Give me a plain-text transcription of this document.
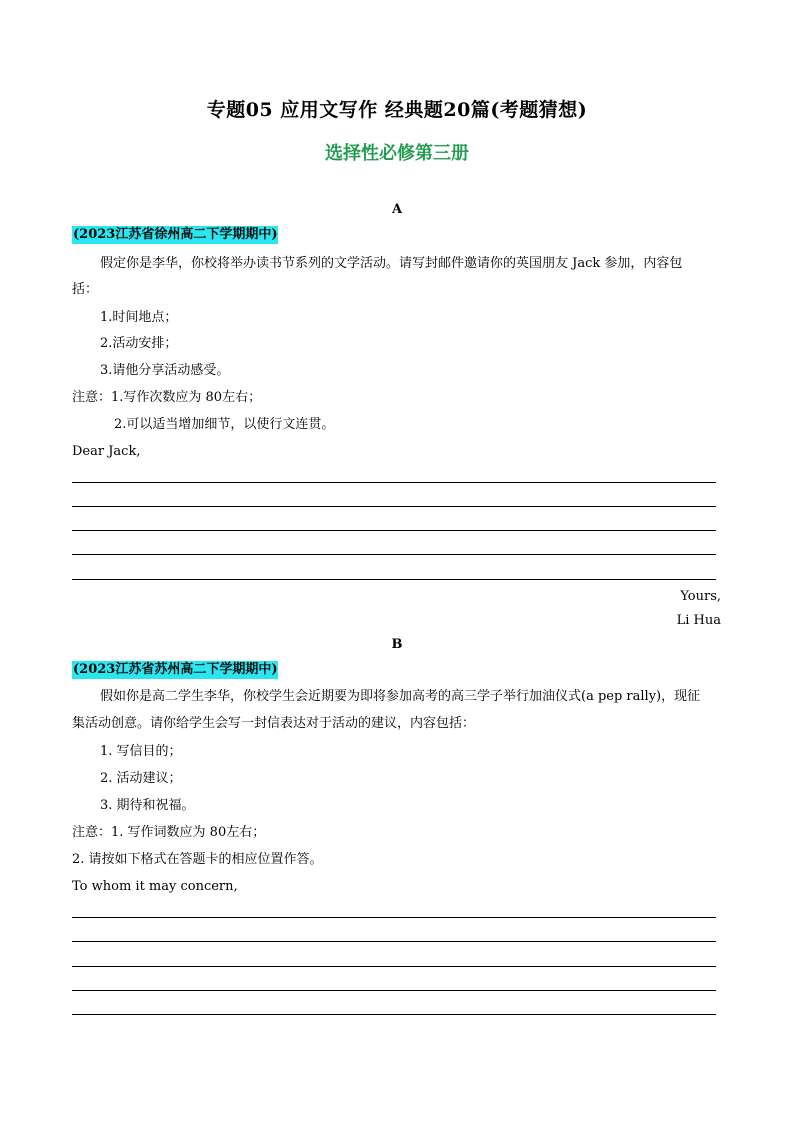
专题05 应用文写作 经典题20篇(考题猜想)
选择性必修第三册
A
(2023江苏省徐州高二下学期期中)
假定你是李华，你校将举办读书节系列的文学活动。请写封邮件邀请你的英国朋友 Jack 参加，内容包
括：
1.时间地点；
2.活动安排；
3.请他分享活动感受。
注意：1.写作次数应为 80左右；
2.可以适当增加细节，以使行文连贯。
Dear Jack,
Yours,
Li Hua
B
(2023江苏省苏州高二下学期期中)
假如你是高二学生李华，你校学生会近期要为即将参加高考的高三学子举行加油仪式(a pep rally)，现征
集活动创意。请你给学生会写一封信表达对于活动的建议，内容包括：
1. 写信目的；
2. 活动建议；
3. 期待和祝福。
注意：1. 写作词数应为 80左右；
2. 请按如下格式在答题卡的相应位置作答。
To whom it may concern,
